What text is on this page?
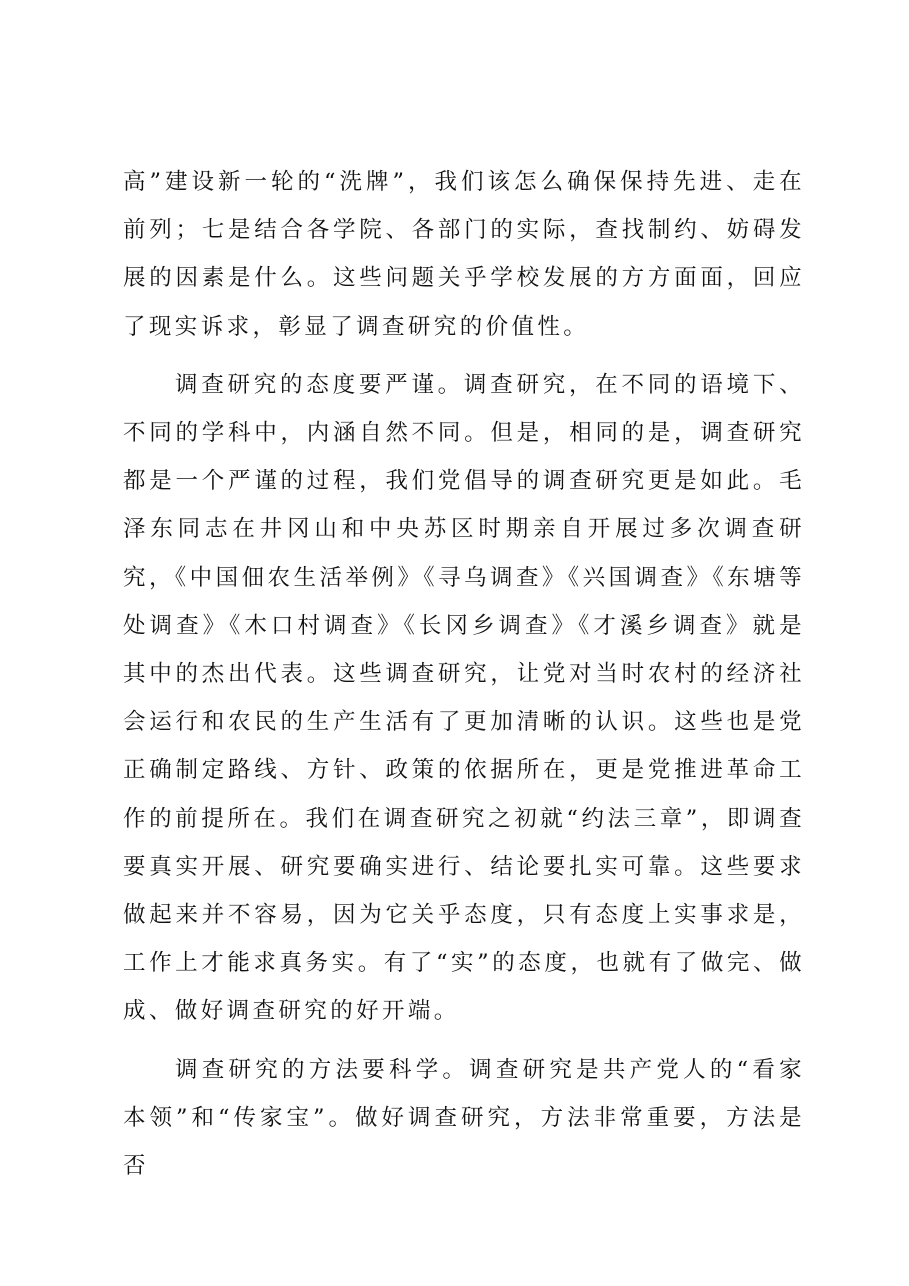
高”建设新一轮的“洗牌”，我们该怎么确保保持先进、走在前列；七是结合各学院、各部门的实际，查找制约、妨碍发展的因素是什么。这些问题关乎学校发展的方方面面，回应了现实诉求，彰显了调查研究的价值性。

调查研究的态度要严谨。调查研究，在不同的语境下、不同的学科中，内涵自然不同。但是，相同的是，调查研究都是一个严谨的过程，我们党倡导的调查研究更是如此。毛泽东同志在井冈山和中央苏区时期亲自开展过多次调查研究，《中国佃农生活举例》《寻乌调查》《兴国调查》《东塘等处调查》《木口村调查》《长冈乡调查》《才溪乡调查》就是其中的杰出代表。这些调查研究，让党对当时农村的经济社会运行和农民的生产生活有了更加清晰的认识。这些也是党正确制定路线、方针、政策的依据所在，更是党推进革命工作的前提所在。我们在调查研究之初就“约法三章”，即调查要真实开展、研究要确实进行、结论要扎实可靠。这些要求做起来并不容易，因为它关乎态度，只有态度上实事求是，工作上才能求真务实。有了“实”的态度，也就有了做完、做成、做好调查研究的好开端。

调查研究的方法要科学。调查研究是共产党人的“看家本领”和“传家宝”。做好调查研究，方法非常重要，方法是否
